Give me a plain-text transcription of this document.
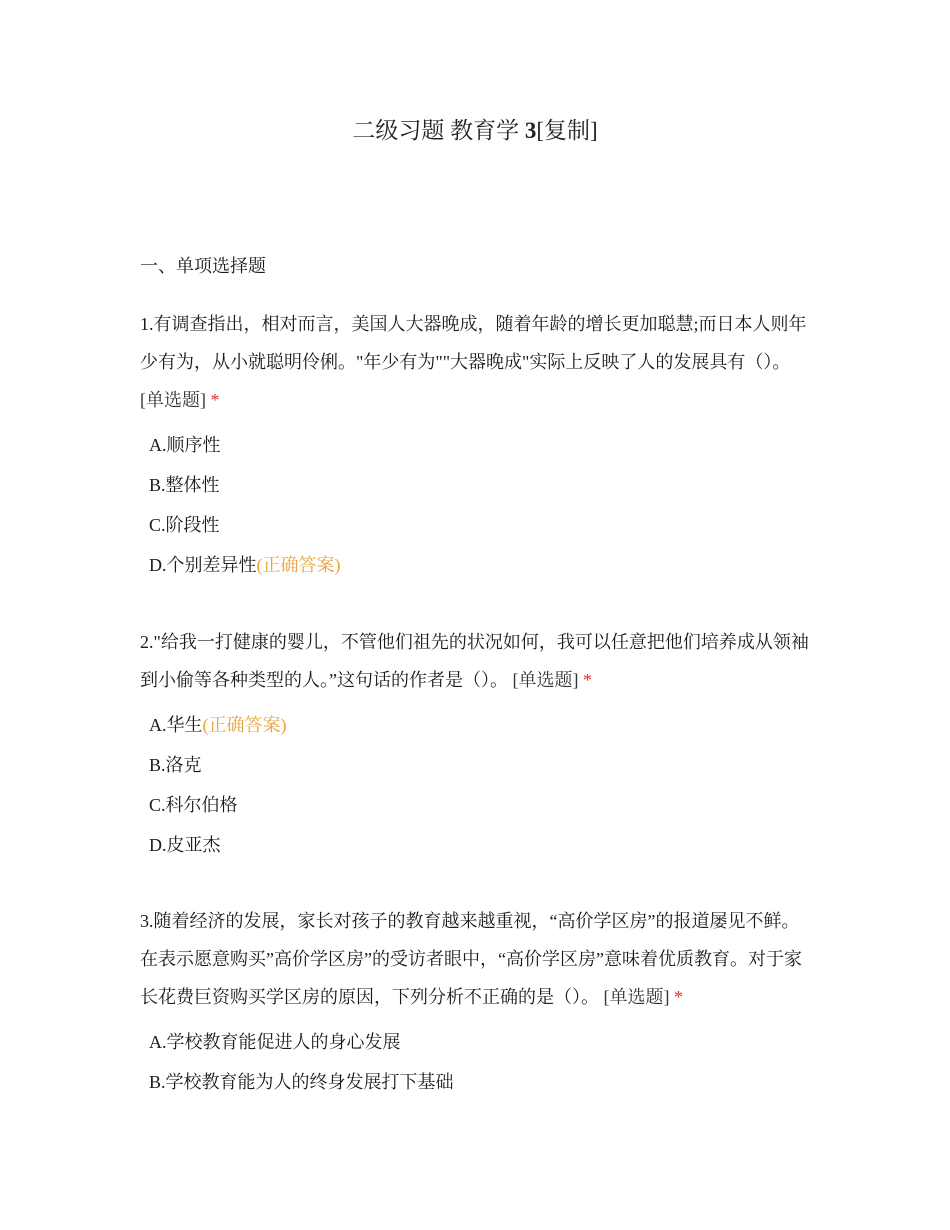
二级习题 教育学 3[复制]
一、单项选择题
1.有调查指出，相对而言，美国人大器晚成，随着年龄的增长更加聪慧;而日本人则年少有为，从小就聪明伶俐。"年少有为""大器晚成"实际上反映了人的发展具有（）。 [单选题] *
A.顺序性
B.整体性
C.阶段性
D.个别差异性(正确答案)
2."给我一打健康的婴儿，不管他们祖先的状况如何，我可以任意把他们培养成从领袖到小偷等各种类型的人。”这句话的作者是（）。 [单选题] *
A.华生(正确答案)
B.洛克
C.科尔伯格
D.皮亚杰
3.随着经济的发展，家长对孩子的教育越来越重视，“高价学区房”的报道屡见不鲜。在表示愿意购买”高价学区房”的受访者眼中，“高价学区房”意味着优质教育。对于家长花费巨资购买学区房的原因，下列分析不正确的是（）。 [单选题] *
A.学校教育能促进人的身心发展
B.学校教育能为人的终身发展打下基础
